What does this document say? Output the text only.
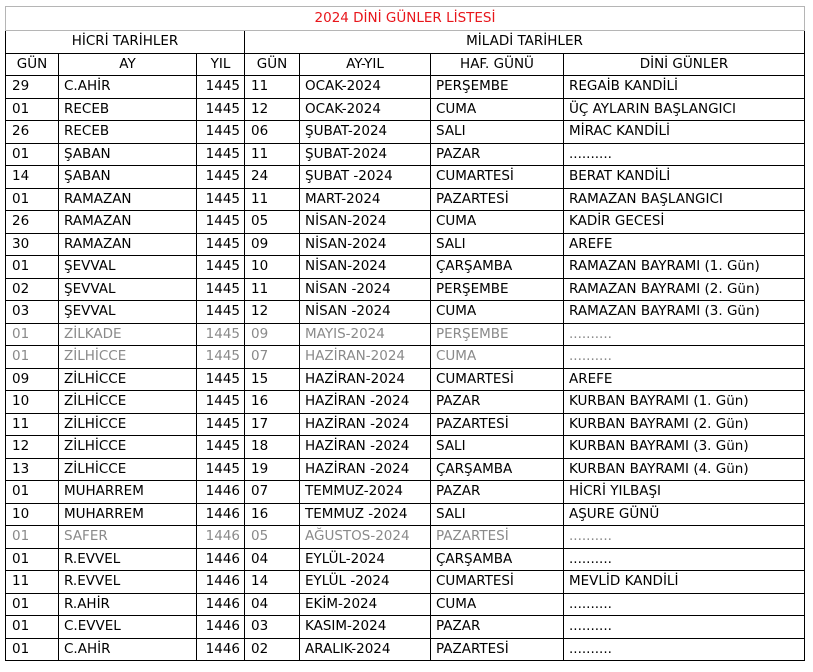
2024 DİNİ GÜNLER LİSTESİ						
HİCRİ TARİHLER			MİLADİ TARİHLER			
GÜN	AY	YIL	GÜN	AY-YIL	HAF. GÜNÜ	DİNİ GÜNLER
29	C.AHİR	1445	11	OCAK-2024	PERŞEMBE	REGAİB KANDİLİ
01	RECEB	1445	12	OCAK-2024	CUMA	ÜÇ AYLARIN BAŞLANGICI
26	RECEB	1445	06	ŞUBAT-2024	SALI	MİRAC KANDİLİ
01	ŞABAN	1445	11	ŞUBAT-2024	PAZAR	..........
14	ŞABAN	1445	24	ŞUBAT -2024	CUMARTESİ	BERAT KANDİLİ
01	RAMAZAN	1445	11	MART-2024	PAZARTESİ	RAMAZAN BAŞLANGICI
26	RAMAZAN	1445	05	NİSAN-2024	CUMA	KADİR GECESİ
30	RAMAZAN	1445	09	NİSAN-2024	SALI	AREFE
01	ŞEVVAL	1445	10	NİSAN-2024	ÇARŞAMBA	RAMAZAN BAYRAMI (1. Gün)
02	ŞEVVAL	1445	11	NİSAN -2024	PERŞEMBE	RAMAZAN BAYRAMI (2. Gün)
03	ŞEVVAL	1445	12	NİSAN -2024	CUMA	RAMAZAN BAYRAMI (3. Gün)
01	ZİLKADE	1445	09	MAYIS-2024	PERŞEMBE	..........
01	ZİLHİCCE	1445	07	HAZİRAN-2024	CUMA	..........
09	ZİLHİCCE	1445	15	HAZİRAN-2024	CUMARTESİ	AREFE
10	ZİLHİCCE	1445	16	HAZİRAN -2024	PAZAR	KURBAN BAYRAMI (1. Gün)
11	ZİLHİCCE	1445	17	HAZİRAN -2024	PAZARTESİ	KURBAN BAYRAMI (2. Gün)
12	ZİLHİCCE	1445	18	HAZİRAN -2024	SALI	KURBAN BAYRAMI (3. Gün)
13	ZİLHİCCE	1445	19	HAZİRAN -2024	ÇARŞAMBA	KURBAN BAYRAMI (4. Gün)
01	MUHARREM	1446	07	TEMMUZ-2024	PAZAR	HİCRİ YILBAŞI
10	MUHARREM	1446	16	TEMMUZ -2024	SALI	AŞURE GÜNÜ
01	SAFER	1446	05	AĞUSTOS-2024	PAZARTESİ	..........
01	R.EVVEL	1446	04	EYLÜL-2024	ÇARŞAMBA	..........
11	R.EVVEL	1446	14	EYLÜL -2024	CUMARTESİ	MEVLİD KANDİLİ
01	R.AHİR	1446	04	EKİM-2024	CUMA	..........
01	C.EVVEL	1446	03	KASIM-2024	PAZAR	..........
01	C.AHİR	1446	02	ARALIK-2024	PAZARTESİ	..........
